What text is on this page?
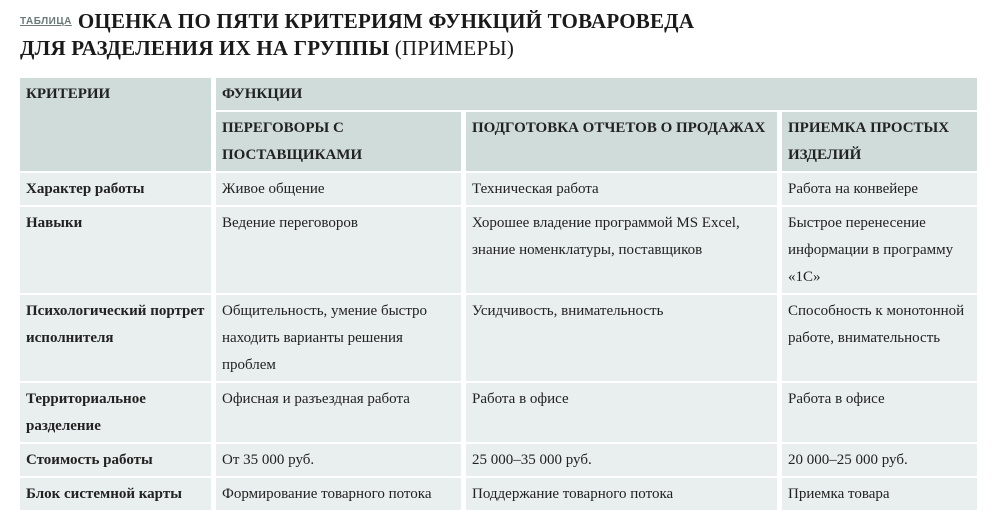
ТАБЛИЦА ОЦЕНКА ПО ПЯТИ КРИТЕРИЯМ ФУНКЦИЙ ТОВАРОВЕДА
ДЛЯ РАЗДЕЛЕНИЯ ИХ НА ГРУППЫ (ПРИМЕРЫ)
КРИТЕРИИ	ФУНКЦИИ		
	ПЕРЕГОВОРЫ С ПОСТАВЩИКАМИ	ПОДГОТОВКА ОТЧЕТОВ О ПРОДАЖАХ	ПРИЕМКА ПРОСТЫХ ИЗДЕЛИЙ
Характер работы	Живое общение	Техническая работа	Работа на конвейере
Навыки	Ведение переговоров	Хорошее владение программой MS Excel, знание номенклатуры, поставщиков	Быстрое перенесение информации в программу «1С»
Психологический портрет исполнителя	Общительность, умение быстро находить варианты решения проблем	Усидчивость, внимательность	Способность к монотонной работе, внимательность
Территориальное разделение	Офисная и разъездная работа	Работа в офисе	Работа в офисе
Стоимость работы	От 35 000 руб.	25 000–35 000 руб.	20 000–25 000 руб.
Блок системной карты	Формирование товарного потока	Поддержание товарного потока	Приемка товара
